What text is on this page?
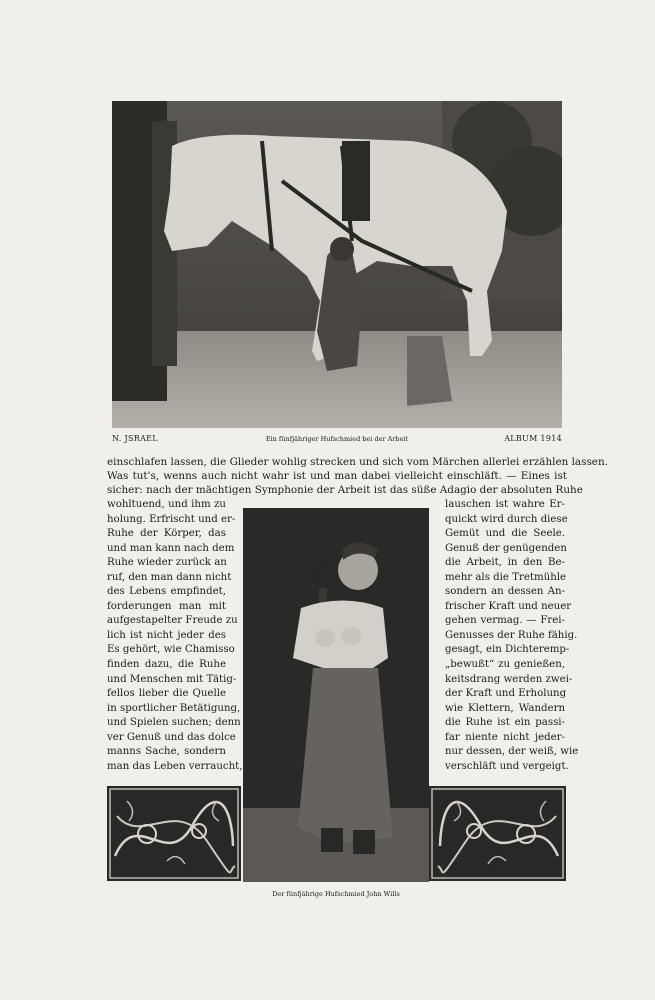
N. JSRAEL	Ein fünfjähriger Hufschmied bei der Arbeit	ALBUM 1914
einschlafen lassen, die Glieder wohlig strecken und sich vom Märchen allerlei erzählen lassen.
Was tut's, wenns auch nicht wahr ist und man dabei vielleicht einschläft. — Eines ist
sicher: nach der mächtigen Symphonie der Arbeit ist das süße Adagio der absoluten Ruhe
wohltuend, und ihm zu
holung. Erfrischt und er-
Ruhe der Körper, das
und man kann nach dem
Ruhe wieder zurück an
ruf, den man dann nicht
des Lebens empfindet,
forderungen man mit
aufgestapelter Freude zu
lich ist nicht jeder des
Es gehört, wie Chamisso
finden dazu, die Ruhe
und Menschen mit Tätig-
fellos lieber die Quelle
in sportlicher Betätigung,
und Spielen suchen; denn
ver Genuß und das dolce
manns Sache, sondern
man das Leben verraucht,
lauschen ist wahre Er-
quickt wird durch diese
Gemüt und die Seele.
Genuß der genügenden
die Arbeit, in den Be-
mehr als die Tretmühle
sondern an dessen An-
frischer Kraft und neuer
gehen vermag. — Frei-
Genusses der Ruhe fähig.
gesagt, ein Dichteremp-
„bewußt“ zu genießen,
keitsdrang werden zwei-
der Kraft und Erholung
wie Klettern, Wandern
die Ruhe ist ein passi-
far niente nicht jeder-
nur dessen, der weiß, wie
verschläft und vergeigt.
Der fünfjährige Hufschmied John Wills
